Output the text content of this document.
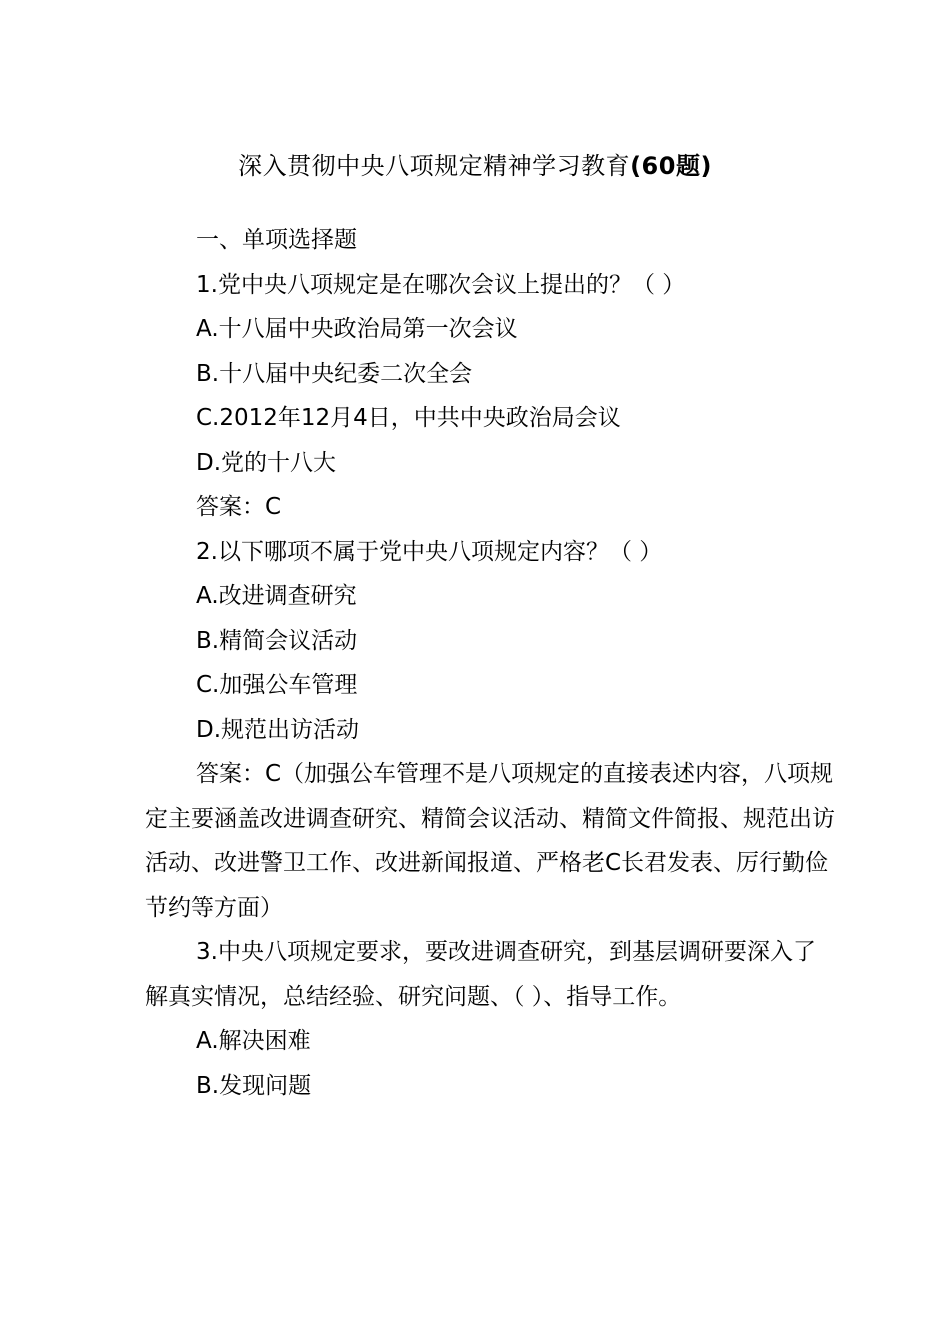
深入贯彻中央八项规定精神学习教育(60题)

一、单项选择题

1.党中央八项规定是在哪次会议上提出的？（ ）

A.十八届中央政治局第一次会议

B.十八届中央纪委二次全会

C.2012年12月4日，中共中央政治局会议

D.党的十八大

答案：C

2.以下哪项不属于党中央八项规定内容？（ ）

A.改进调查研究

B.精简会议活动

C.加强公车管理

D.规范出访活动

答案：C（加强公车管理不是八项规定的直接表述内容，八项规定主要涵盖改进调查研究、精简会议活动、精简文件简报、规范出访活动、改进警卫工作、改进新闻报道、严格老C长君发表、厉行勤俭节约等方面）

3.中央八项规定要求，要改进调查研究，到基层调研要深入了解真实情况，总结经验、研究问题、（ ）、指导工作。

A.解决困难

B.发现问题
